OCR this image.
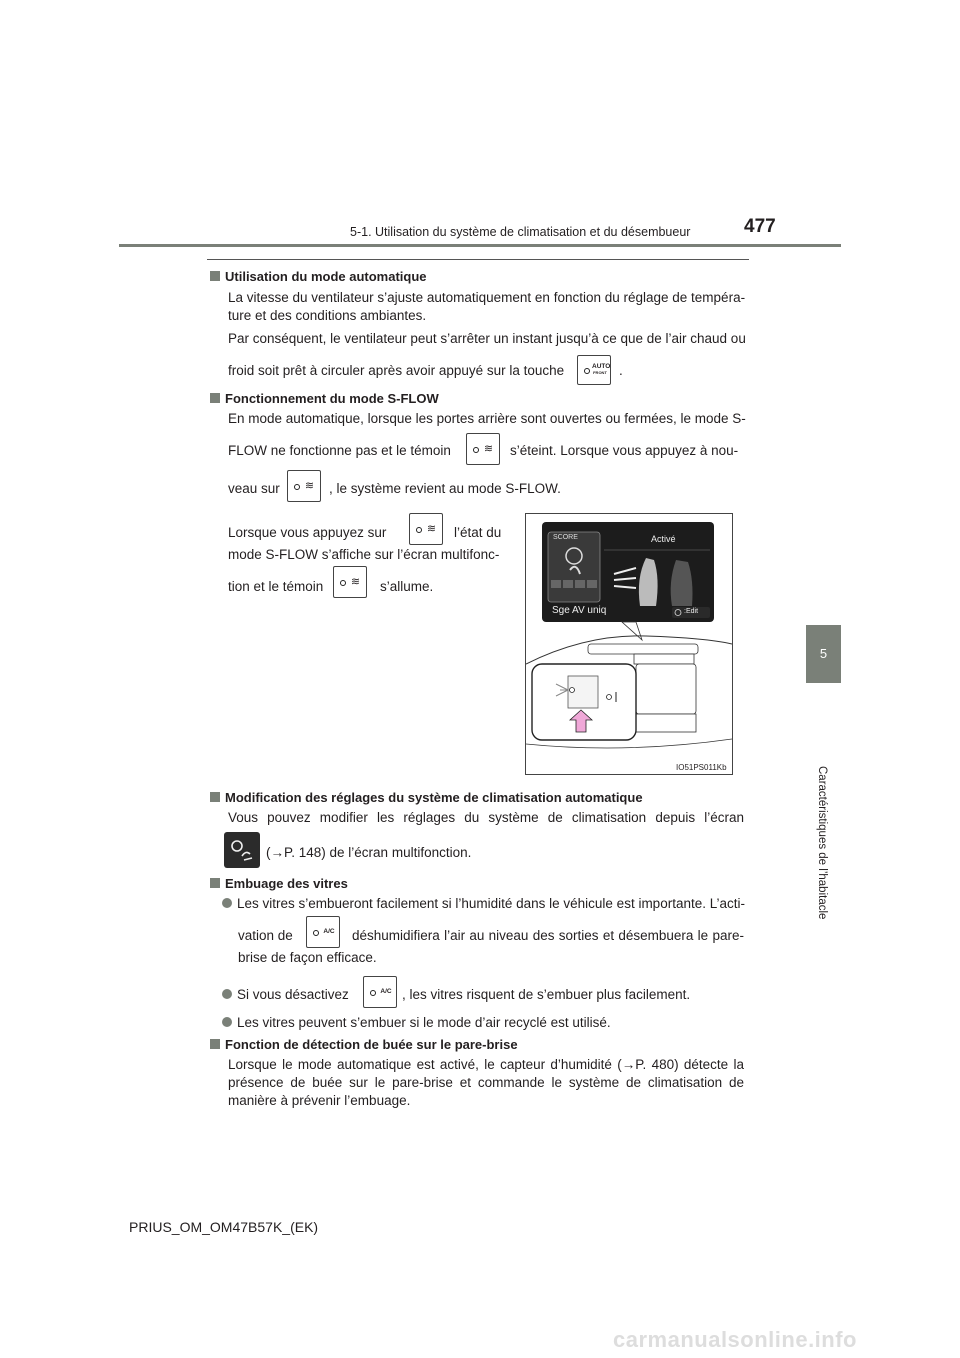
5-1. Utilisation du système de climatisation et du désembueur	477
5
Caractéristiques de l’habitacle
Utilisation du mode automatique
La vitesse du ventilateur s’ajuste automatiquement en fonction du réglage de tempéra-
ture et des conditions ambiantes.
Par conséquent, le ventilateur peut s’arrêter un instant jusqu’à ce que de l’air chaud ou
froid soit prêt à circuler après avoir appuyé sur la touche	AUTO
FRONT .
Fonctionnement du mode S-FLOW
En mode automatique, lorsque les portes arrière sont ouvertes ou fermées, le mode S-
FLOW ne fonctionne pas et le témoin	≋ s’éteint. Lorsque vous appuyez à nou-
veau sur	≋ , le système revient au mode S-FLOW.
Lorsque vous appuyez sur	≋ l’état du
mode S-FLOW s’affiche sur l’écran multifonc-
tion et le témoin	≋ s’allume.
SCORE	Activé
Sge AV uniq	:Edit
IO51PS011Kb
Modification des réglages du système de climatisation automatique
Vous pouvez modifier les réglages du système de climatisation depuis l’écran
(→P. 148) de l’écran multifonction.
Embuage des vitres
Les vitres s’embueront facilement si l’humidité dans le véhicule est importante. L’acti-
vation de	A/C déshumidifiera l’air au niveau des sorties et désembuera le pare-
brise de façon efficace.
Si vous désactivez	A/C , les vitres risquent de s’embuer plus facilement.
Les vitres peuvent s’embuer si le mode d’air recyclé est utilisé.
Fonction de détection de buée sur le pare-brise
Lorsque le mode automatique est activé, le capteur d’humidité (→P. 480) détecte la
présence de buée sur le pare-brise et commande le système de climatisation de
manière à prévenir l’embuage.
PRIUS_OM_OM47B57K_(EK)
carmanualsonline.info
